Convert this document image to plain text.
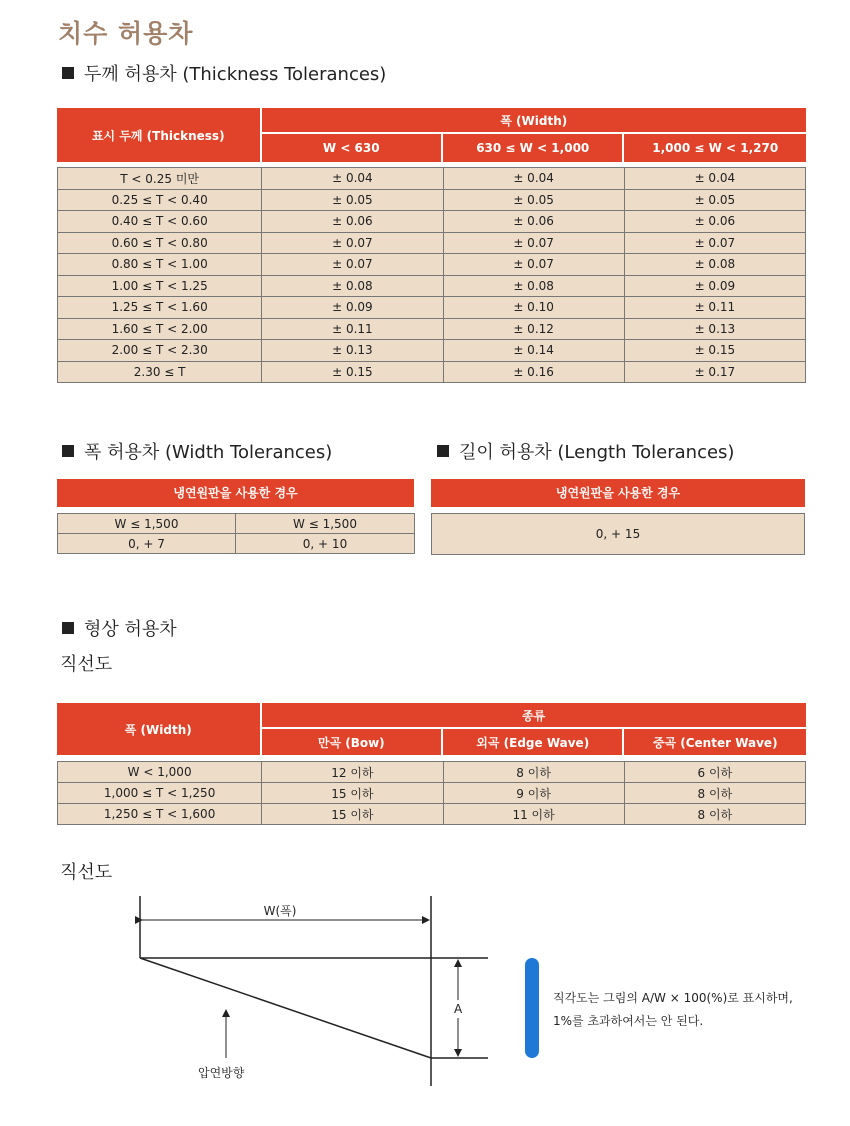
치수 허용차
두께 허용차 (Thickness Tolerances)
표시 두께 (Thickness)	폭 (Width)		
	W < 630	630 ≤ W < 1,000	1,000 ≤ W < 1,270

T < 0.25 미만	± 0.04	± 0.04	± 0.04
0.25 ≤ T < 0.40	± 0.05	± 0.05	± 0.05
0.40 ≤ T < 0.60	± 0.06	± 0.06	± 0.06
0.60 ≤ T < 0.80	± 0.07	± 0.07	± 0.07
0.80 ≤ T < 1.00	± 0.07	± 0.07	± 0.08
1.00 ≤ T < 1.25	± 0.08	± 0.08	± 0.09
1.25 ≤ T < 1.60	± 0.09	± 0.10	± 0.11
1.60 ≤ T < 2.00	± 0.11	± 0.12	± 0.13
2.00 ≤ T < 2.30	± 0.13	± 0.14	± 0.15
2.30 ≤ T	± 0.15	± 0.16	± 0.17
폭 허용차 (Width Tolerances)
냉연원판을 사용한 경우
W ≤ 1,500	W ≤ 1,500
0, + 7	0, + 10
길이 허용차 (Length Tolerances)
냉연원판을 사용한 경우
0, + 15
형상 허용차
직선도
폭 (Width)	종류		
	만곡 (Bow)	외곡 (Edge Wave)	중곡 (Center Wave)
W < 1,000	12 이하	8 이하	6 이하
1,000 ≤ T < 1,250	15 이하	9 이하	8 이하
1,250 ≤ T < 1,600	15 이하	11 이하	8 이하
직선도
W(폭)
A
압연방향
직각도는 그림의 A/W × 100(%)로 표시하며,
1%를 초과하여서는 안 된다.
